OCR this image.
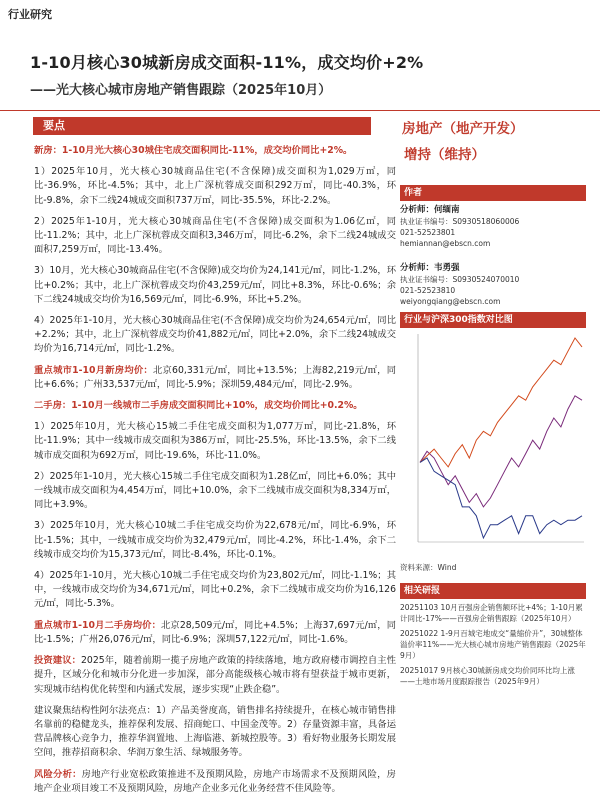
行业研究
1-10月核心30城新房成交面积-11%，成交均价+2%
——光大核心城市房地产销售跟踪（2025年10月）
要点

新房：1-10月光大核心30城住宅成交面积同比-11%，成交均价同比+2%。

1）2025年10月，光大核心30城商品住宅(不含保障)成交面积为1,029万㎡，同比-36.9%，环比-4.5%；其中，北上广深杭蓉成交面积292万㎡，同比-40.3%，环比-9.8%，余下二线24城成交面积737万㎡，同比-35.5%，环比-2.2%。

2）2025年1-10月，光大核心30城商品住宅(不含保障)成交面积为1.06亿㎡，同比-11.2%；其中，北上广深杭蓉成交面积3,346万㎡，同比-6.2%，余下二线24城成交面积7,259万㎡，同比-13.4%。

3）10月，光大核心30城商品住宅(不含保障)成交均价为24,141元/㎡，同比-1.2%，环比+0.2%；其中，北上广深杭蓉成交均价43,259元/㎡，同比+8.3%，环比-0.6%；余下二线24城成交均价为16,569元/㎡，同比-6.9%，环比+5.2%。

4）2025年1-10月，光大核心30城商品住宅(不含保障)成交均价为24,654元/㎡，同比+2.2%；其中，北上广深杭蓉成交均价41,882元/㎡，同比+2.0%，余下二线24城成交均价为16,714元/㎡，同比-1.2%。

重点城市1-10月新房均价：北京60,331元/㎡，同比+13.5%；上海82,219元/㎡，同比+6.6%；广州33,537元/㎡，同比-5.9%；深圳59,484元/㎡，同比-2.9%。

二手房：1-10月一线城市二手房成交面积同比+10%，成交均价同比+0.2%。

1）2025年10月，光大核心15城二手住宅成交面积为1,077万㎡，同比-21.8%，环比-11.9%；其中一线城市成交面积为386万㎡，同比-25.5%，环比-13.5%，余下二线城市成交面积为692万㎡，同比-19.6%，环比-11.0%。

2）2025年1-10月，光大核心15城二手住宅成交面积为1.28亿㎡，同比+6.0%；其中一线城市成交面积为4,454万㎡，同比+10.0%，余下二线城市成交面积为8,334万㎡，同比+3.9%。

3）2025年10月，光大核心10城二手住宅成交均价为22,678元/㎡，同比-6.9%，环比-1.5%；其中，一线城市成交均价为32,479元/㎡，同比-4.2%，环比-1.4%，余下二线城市成交均价为15,373元/㎡，同比-8.4%，环比-0.1%。

4）2025年1-10月，光大核心10城二手住宅成交均价为23,802元/㎡，同比-1.1%；其中，一线城市成交均价为34,671元/㎡，同比+0.2%，余下二线城市成交均价为16,126元/㎡，同比-5.3%。

重点城市1-10月二手房均价：北京28,509元/㎡，同比+4.5%；上海37,697元/㎡，同比-1.5%；广州26,076元/㎡，同比-6.9%；深圳57,122元/㎡，同比-1.6%。

投资建议：2025年，随着前期一揽子房地产政策的持续落地，地方政府楼市调控自主性提升，区域分化和城市分化进一步加深，部分高能级核心城市将有望获益于城市更新，实现城市结构优化转型和内涵式发展，逐步实现“止跌企稳”。

建议聚焦结构性阿尔法亮点：1）产品美誉度高，销售排名持续提升，在核心城市销售排名靠前的稳健龙头，推荐保利发展、招商蛇口、中国金茂等。2）存量资源丰富，具备运营品牌核心竞争力，推荐华润置地、上海临港、新城控股等。3）看好物业服务长期发展空间，推荐招商积余、华润万象生活、绿城服务等。

风险分析：房地产行业宽松政策推进不及预期风险，房地产市场需求不及预期风险，房地产企业项目竣工不及预期风险，房地产企业多元化业务经营不佳风险等。

房地产（地产开发）
增持（维持）
作者
分析师：何缅南
执业证书编号：S0930518060006
021-52523801
hemiannan@ebscn.com
分析师：韦勇强
执业证书编号：S0930524070010
021-52523810
weiyongqiang@ebscn.com
行业与沪深300指数对比图
资料来源：Wind
相关研报
20251103 10月百强房企销售额环比+4%；1-10月累计同比-17%——百强房企销售跟踪（2025年10月）
20251022 1-9月百城宅地成交“量缩价升”，30城整体溢价率11%——光大核心城市房地产销售跟踪（2025年9月）
20251017 9月核心30城新房成交均价同环比均上涨——土地市场月度跟踪报告（2025年9月）
